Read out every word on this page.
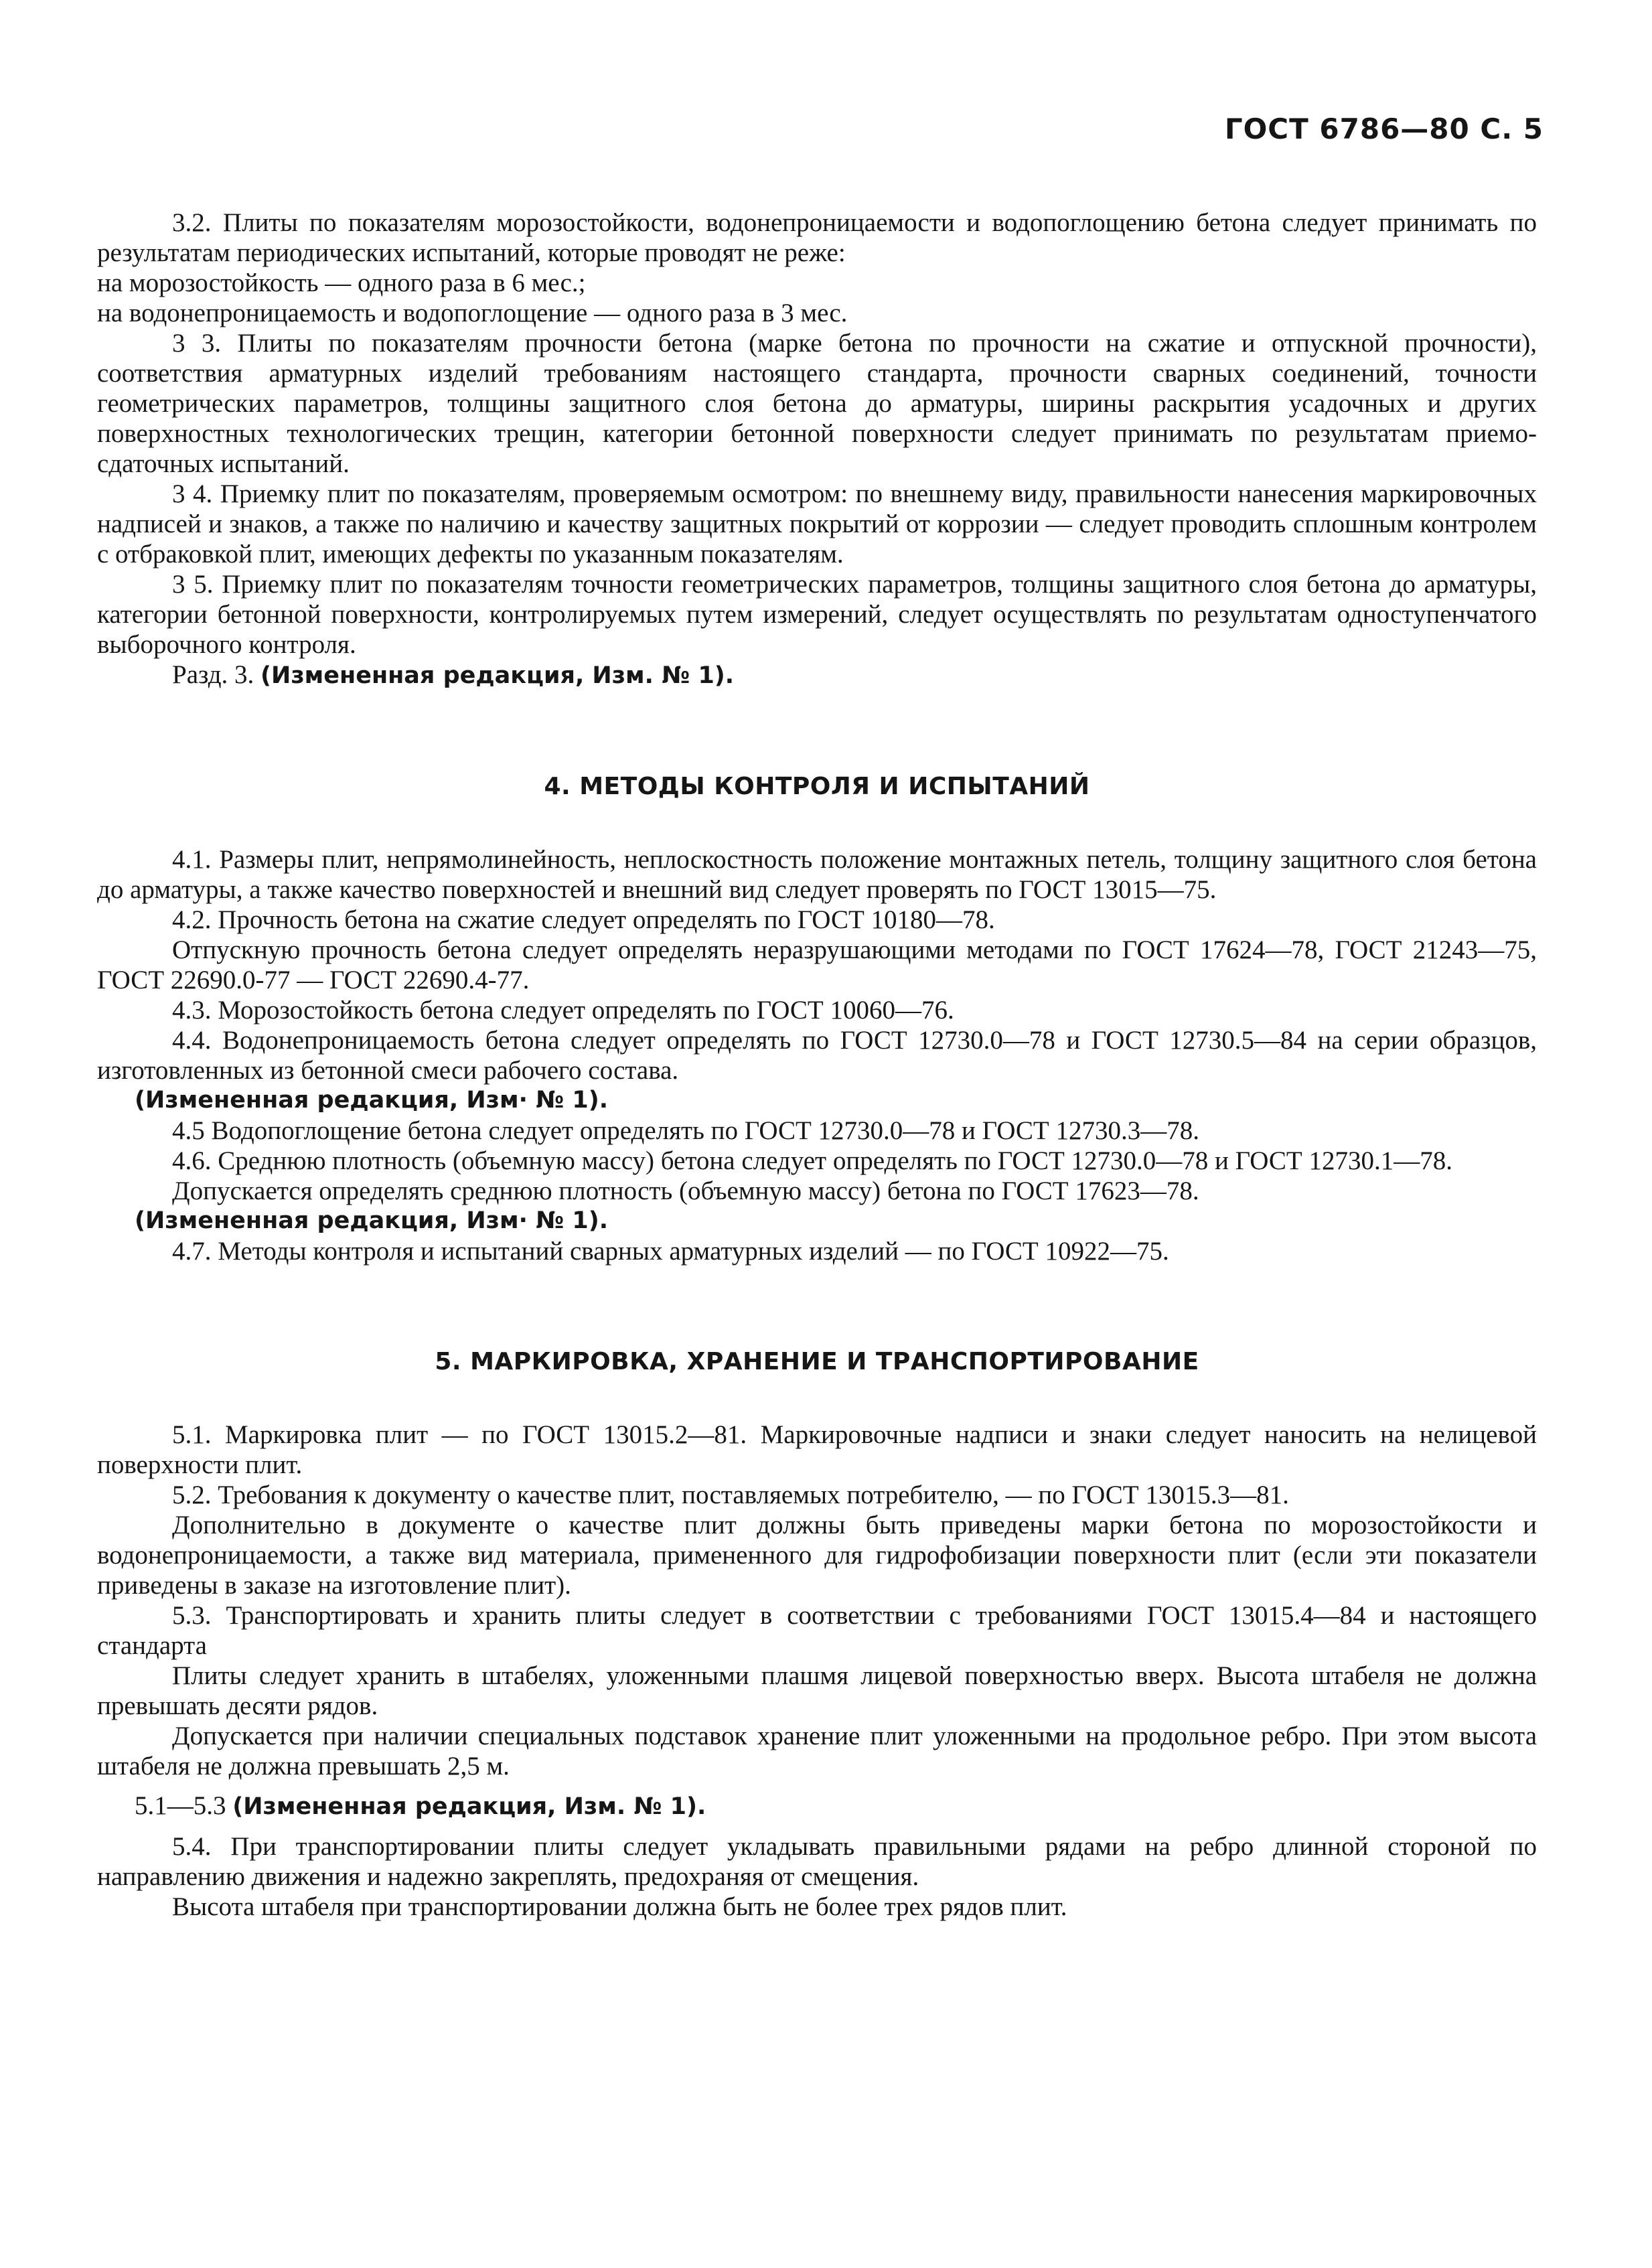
ГОСТ 6786—80 С. 5

3.2. Плиты по показателям морозостойкости, водонепроницаемости и водопоглощению бетона следует принимать по результатам периодических испытаний, которые проводят не реже:

на морозостойкость — одного раза в 6 мес.;

на водонепроницаемость и водопоглощение — одного раза в 3 мес.

3 3. Плиты по показателям прочности бетона (марке бетона по прочности на сжатие и отпускной прочности), соответствия арматурных изделий требованиям настоящего стандарта, прочности сварных соединений, точности геометрических параметров, толщины защитного слоя бетона до арматуры, ширины раскрытия усадочных и других поверхностных технологических трещин, категории бетонной поверхности следует принимать по результатам приемо-сдаточных испытаний.

3 4. Приемку плит по показателям, проверяемым осмотром: по внешнему виду, правильности нанесения маркировочных надписей и знаков, а также по наличию и качеству защитных покрытий от коррозии — следует проводить сплошным контролем с отбраковкой плит, имеющих дефекты по указанным показателям.

3 5. Приемку плит по показателям точности геометрических параметров, толщины защитного слоя бетона до арматуры, категории бетонной поверхности, контролируемых путем измерений, следует осуществлять по результатам одноступенчатого выборочного контроля.

Разд. 3. (Измененная редакция, Изм. № 1).

4. МЕТОДЫ КОНТРОЛЯ И ИСПЫТАНИЙ

4.1. Размеры плит, непрямолинейность, неплоскостность положение монтажных петель, толщину защитного слоя бетона до арматуры, а также качество поверхностей и внешний вид следует проверять по ГОСТ 13015—75.

4.2. Прочность бетона на сжатие следует определять по ГОСТ 10180—78.

Отпускную прочность бетона следует определять неразрушающими методами по ГОСТ 17624—78, ГОСТ 21243—75, ГОСТ 22690.0-77 — ГОСТ 22690.4-77.

4.3. Морозостойкость бетона следует определять по ГОСТ 10060—76.

4.4. Водонепроницаемость бетона следует определять по ГОСТ 12730.0—78 и ГОСТ 12730.5—84 на серии образцов, изготовленных из бетонной смеси рабочего состава.

(Измененная редакция, Изм· № 1).

4.5 Водопоглощение бетона следует определять по ГОСТ 12730.0—78 и ГОСТ 12730.3—78.

4.6. Среднюю плотность (объемную массу) бетона следует определять по ГОСТ 12730.0—78 и ГОСТ 12730.1—78.

Допускается определять среднюю плотность (объемную массу) бетона по ГОСТ 17623—78.

(Измененная редакция, Изм· № 1).

4.7. Методы контроля и испытаний сварных арматурных изделий — по ГОСТ 10922—75.

5. МАРКИРОВКА, ХРАНЕНИЕ И ТРАНСПОРТИРОВАНИЕ

5.1. Маркировка плит — по ГОСТ 13015.2—81. Маркировочные надписи и знаки следует наносить на нелицевой поверхности плит.

5.2. Требования к документу о качестве плит, поставляемых потребителю, — по ГОСТ 13015.3—81.

Дополнительно в документе о качестве плит должны быть приведены марки бетона по морозостойкости и водонепроницаемости, а также вид материала, примененного для гидрофобизации поверхности плит (если эти показатели приведены в заказе на изготовление плит).

5.3. Транспортировать и хранить плиты следует в соответствии с требованиями ГОСТ 13015.4—84 и настоящего стандарта

Плиты следует хранить в штабелях, уложенными плашмя лицевой поверхностью вверх. Высота штабеля не должна превышать десяти рядов.

Допускается при наличии специальных подставок хранение плит уложенными на продольное ребро. При этом высота штабеля не должна превышать 2,5 м.

5.1—5.3 (Измененная редакция, Изм. № 1).

5.4. При транспортировании плиты следует укладывать правильными рядами на ребро длинной стороной по направлению движения и надежно закреплять, предохраняя от смещения.

Высота штабеля при транспортировании должна быть не более трех рядов плит.
